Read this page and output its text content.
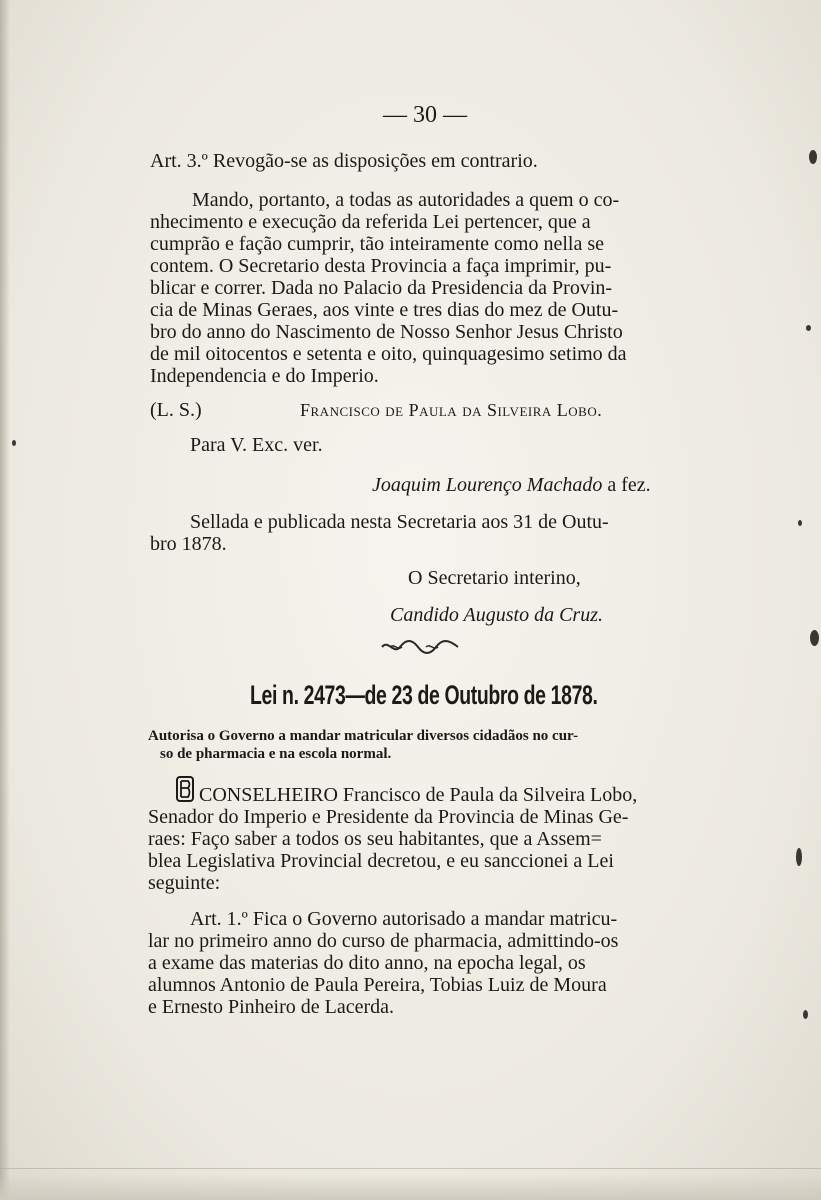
— 30 —
Art. 3.º Revogão-se as disposições em contrario.
Mando, portanto, a todas as autoridades a quem o co-
nhecimento e execução da referida Lei pertencer, que a
cumprão e fação cumprir, tão inteiramente como nella se
contem. O Secretario desta Provincia a faça imprimir, pu-
blicar e correr. Dada no Palacio da Presidencia da Provin-
cia de Minas Geraes, aos vinte e tres dias do mez de Outu-
bro do anno do Nascimento de Nosso Senhor Jesus Christo
de mil oitocentos e setenta e oito, quinquagesimo setimo da
Independencia e do Imperio.
(L. S.)	Francisco de Paula da Silveira Lobo.
Para V. Exc. ver.
Joaquim Lourenço Machado a fez.
Sellada e publicada nesta Secretaria aos 31 de Outu-
bro 1878.
O Secretario interino,
Candido Augusto da Cruz.
Lei n. 2473—de 23 de Outubro de 1878.
Autorisa o Governo a mandar matricular diversos cidadãos no cur-
so de pharmacia e na escola normal.
CONSELHEIRO Francisco de Paula da Silveira Lobo,
Senador do Imperio e Presidente da Provincia de Minas Ge-
raes: Faço saber a todos os seu habitantes, que a Assem=
blea Legislativa Provincial decretou, e eu sanccionei a Lei
seguinte:
Art. 1.º Fica o Governo autorisado a mandar matricu-
lar no primeiro anno do curso de pharmacia, admittindo-os
a exame das materias do dito anno, na epocha legal, os
alumnos Antonio de Paula Pereira, Tobias Luiz de Moura
e Ernesto Pinheiro de Lacerda.
